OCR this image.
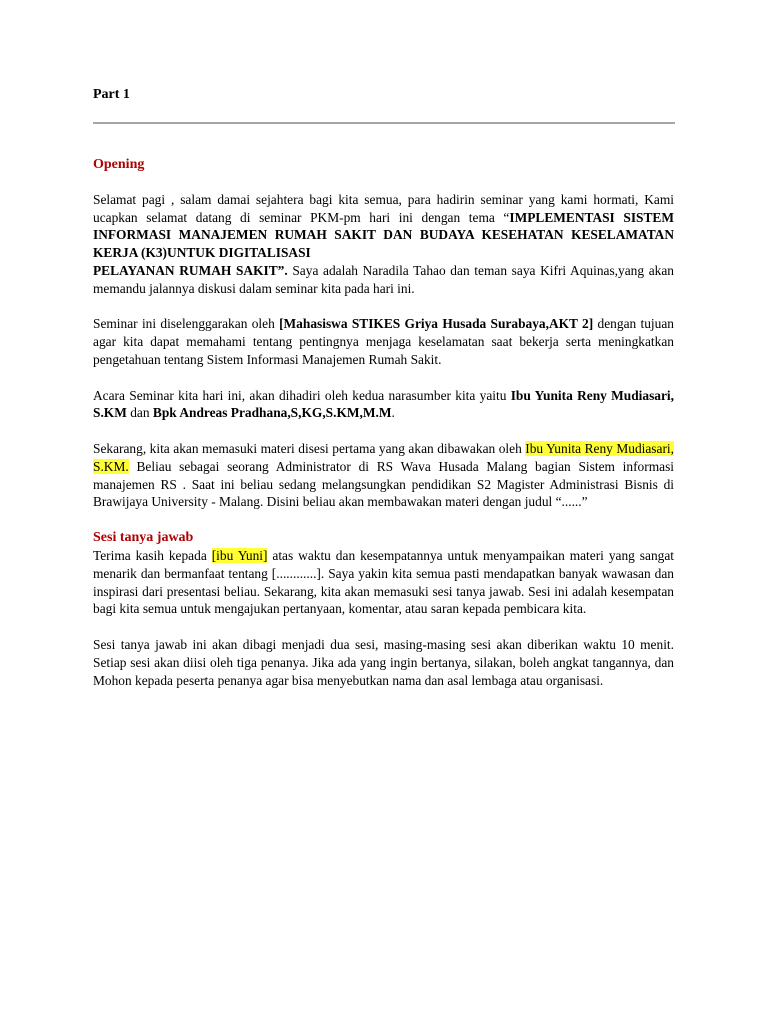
Part 1
Opening

Selamat pagi , salam damai sejahtera bagi kita semua, para hadirin seminar yang kami hormati, Kami ucapkan selamat datang di seminar PKM-pm hari ini dengan tema “IMPLEMENTASI SISTEM INFORMASI MANAJEMEN RUMAH SAKIT DAN BUDAYA KESEHATAN KESELAMATAN KERJA (K3)UNTUK DIGITALISASI
PELAYANAN RUMAH SAKIT”. Saya adalah Naradila Tahao dan teman saya Kifri Aquinas,yang akan memandu jalannya diskusi dalam seminar kita pada hari ini.

Seminar ini diselenggarakan oleh [Mahasiswa STIKES Griya Husada Surabaya,AKT 2] dengan tujuan agar kita dapat memahami tentang pentingnya menjaga keselamatan saat bekerja serta meningkatkan pengetahuan tentang Sistem Informasi Manajemen Rumah Sakit.

Acara Seminar kita hari ini, akan dihadiri oleh kedua narasumber kita yaitu Ibu Yunita Reny Mudiasari, S.KM dan Bpk Andreas Pradhana,S,KG,S.KM,M.M.

Sekarang, kita akan memasuki materi disesi pertama yang akan dibawakan oleh Ibu Yunita Reny Mudiasari, S.KM. Beliau sebagai seorang Administrator di RS Wava Husada Malang bagian Sistem informasi manajemen RS . Saat ini beliau sedang melangsungkan pendidikan S2 Magister Administrasi Bisnis di Brawijaya University - Malang. Disini beliau akan membawakan materi dengan judul “......”

Sesi tanya jawab

Terima kasih kepada [ibu Yuni] atas waktu dan kesempatannya untuk menyampaikan materi yang sangat menarik dan bermanfaat tentang [............]. Saya yakin kita semua pasti mendapatkan banyak wawasan dan inspirasi dari presentasi beliau. Sekarang, kita akan memasuki sesi tanya jawab. Sesi ini adalah kesempatan bagi kita semua untuk mengajukan pertanyaan, komentar, atau saran kepada pembicara kita.

Sesi tanya jawab ini akan dibagi menjadi dua sesi, masing-masing sesi akan diberikan waktu 10 menit. Setiap sesi akan diisi oleh tiga penanya. Jika ada yang ingin bertanya, silakan, boleh angkat tangannya, dan Mohon kepada peserta penanya agar bisa menyebutkan nama dan asal lembaga atau organisasi.
